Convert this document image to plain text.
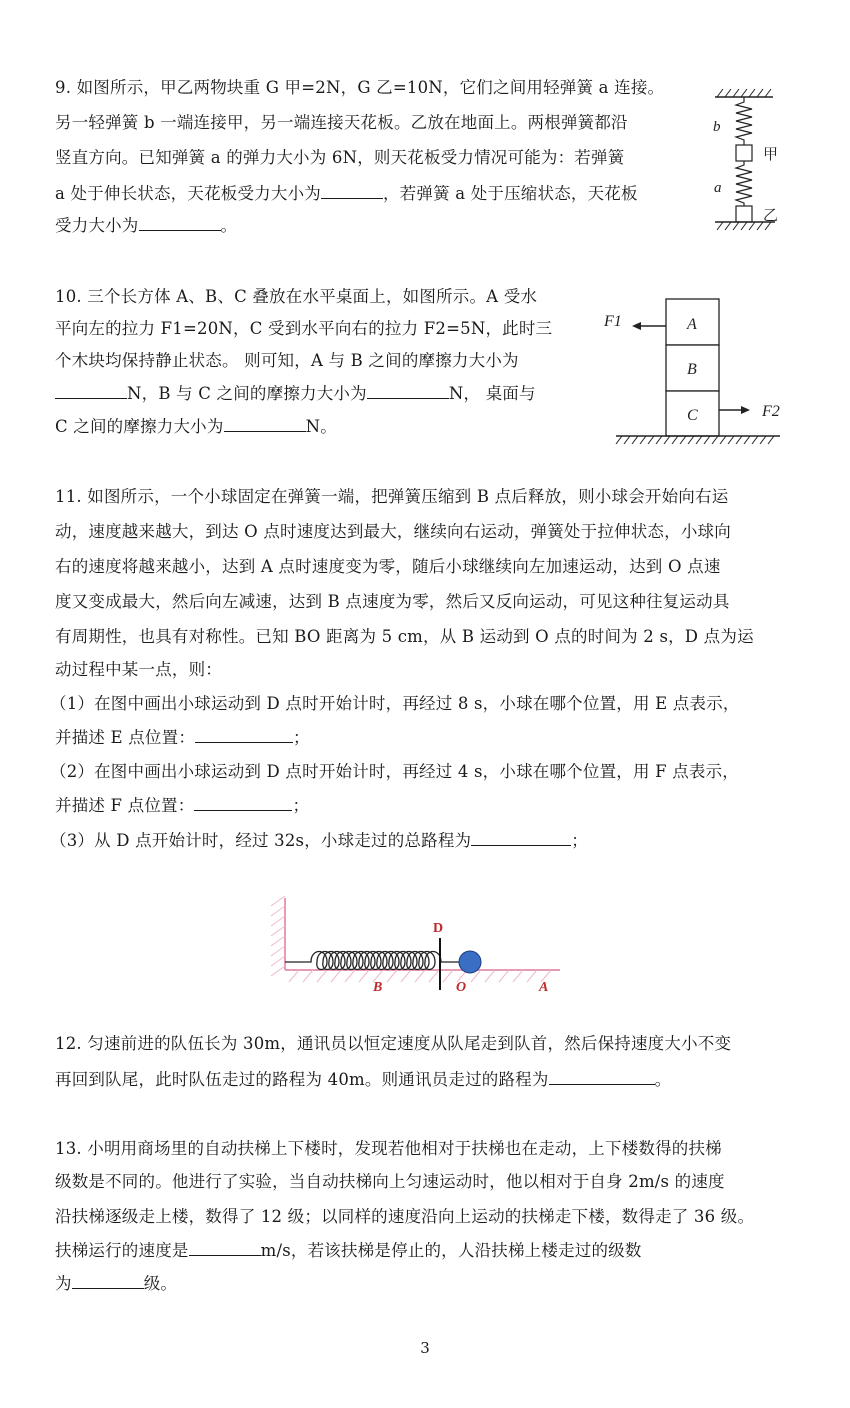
9. 如图所示，甲乙两物块重 G 甲=2N，G 乙=10N，它们之间用轻弹簧 a 连接。
另一轻弹簧 b 一端连接甲，另一端连接天花板。乙放在地面上。两根弹簧都沿
竖直方向。已知弹簧 a 的弹力大小为 6N，则天花板受力情况可能为：若弹簧
a 处于伸长状态，天花板受力大小为	，若弹簧 a 处于压缩状态，天花板
受力大小为	。
b
甲
a
乙
10. 三个长方体 A、B、C 叠放在水平桌面上，如图所示。A 受水
平向左的拉力 F1=20N，C 受到水平向右的拉力 F2=5N，此时三
个木块均保持静止状态。 则可知，A 与 B 之间的摩擦力大小为
N，B 与 C 之间的摩擦力大小为	N， 桌面与
C 之间的摩擦力大小为	N。
A
B
C
F1
F2
11. 如图所示，一个小球固定在弹簧一端，把弹簧压缩到 B 点后释放，则小球会开始向右运
动，速度越来越大，到达 O 点时速度达到最大，继续向右运动，弹簧处于拉伸状态，小球向
右的速度将越来越小，达到 A 点时速度变为零，随后小球继续向左加速运动，达到 O 点速
度又变成最大，然后向左减速，达到 B 点速度为零，然后又反向运动，可见这种往复运动具
有周期性，也具有对称性。已知 BO 距离为 5 cm，从 B 运动到 O 点的时间为 2 s，D 点为运
动过程中某一点，则：
（1）在图中画出小球运动到 D 点时开始计时，再经过 8 s，小球在哪个位置，用 E 点表示，
并描述 E 点位置：	；
（2）在图中画出小球运动到 D 点时开始计时，再经过 4 s，小球在哪个位置，用 F 点表示，
并描述 F 点位置：	；
（3）从 D 点开始计时，经过 32s，小球走过的总路程为	；
D
B	O	A
12. 匀速前进的队伍长为 30m，通讯员以恒定速度从队尾走到队首，然后保持速度大小不变
再回到队尾，此时队伍走过的路程为 40m。则通讯员走过的路程为	。
13. 小明用商场里的自动扶梯上下楼时，发现若他相对于扶梯也在走动，上下楼数得的扶梯
级数是不同的。他进行了实验，当自动扶梯向上匀速运动时，他以相对于自身 2m/s 的速度
沿扶梯逐级走上楼，数得了 12 级；以同样的速度沿向上运动的扶梯走下楼，数得走了 36 级。
扶梯运行的速度是	m/s，若该扶梯是停止的，人沿扶梯上楼走过的级数
为	级。
3
